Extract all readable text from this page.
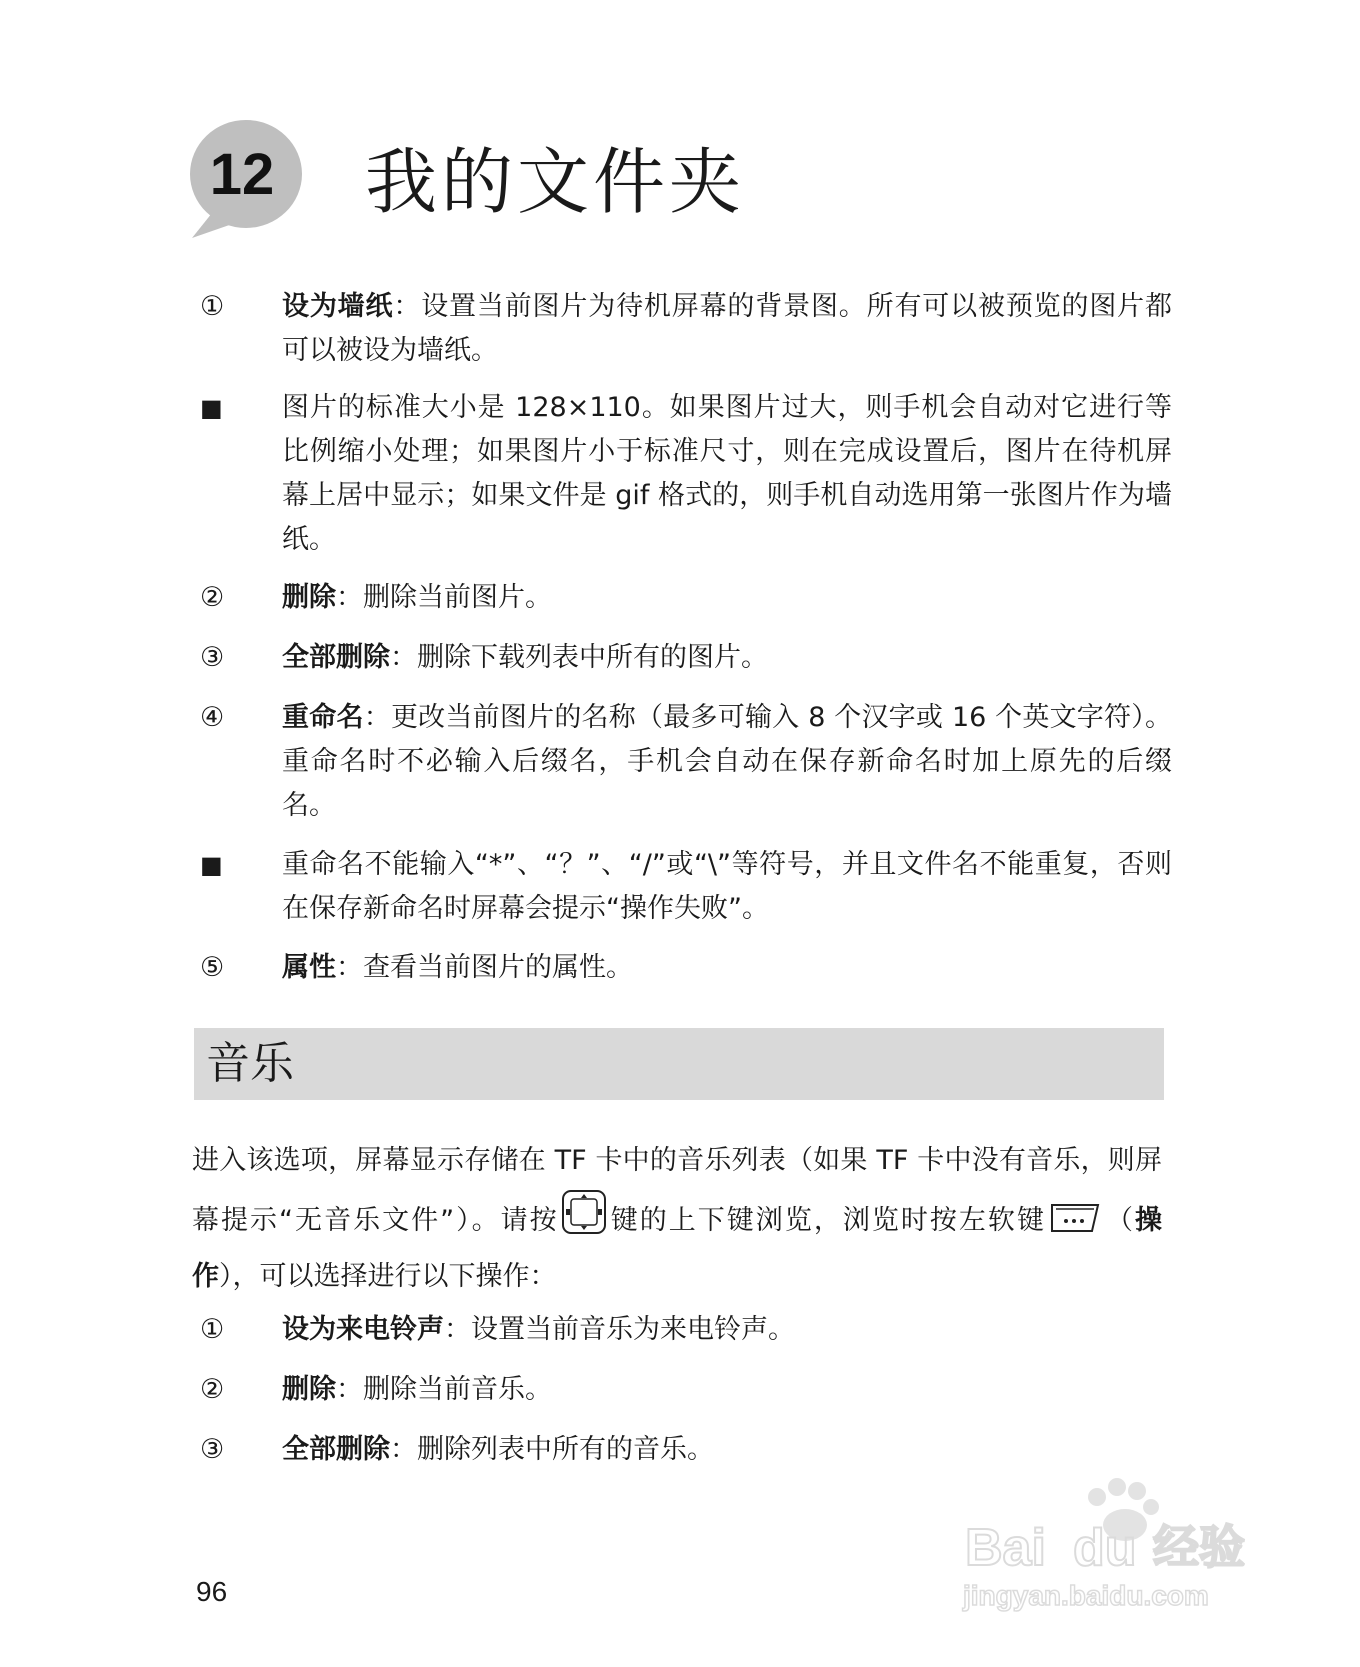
12 我的文件夹
①	设为墙纸：设置当前图片为待机屏幕的背景图。所有可以被预览的图片都可以被设为墙纸。
■	图片的标准大小是 128×110。如果图片过大，则手机会自动对它进行等比例缩小处理；如果图片小于标准尺寸，则在完成设置后，图片在待机屏幕上居中显示；如果文件是 gif 格式的，则手机自动选用第一张图片作为墙纸。
②	删除：删除当前图片。
③	全部删除：删除下载列表中所有的图片。
④	重命名：更改当前图片的名称（最多可输入 8 个汉字或 16 个英文字符）。重命名时不必输入后缀名，手机会自动在保存新命名时加上原先的后缀名。
■	重命名不能输入“*”、“？”、“/”或“\”等符号，并且文件名不能重复，否则在保存新命名时屏幕会提示“操作失败”。
⑤	属性：查看当前图片的属性。
音乐

进入该选项，屏幕显示存储在 TF 卡中的音乐列表（如果 TF 卡中没有音乐，则屏幕提示“无音乐文件”）。请按 键的上下键浏览，浏览时按左软键 （操作），可以选择进行以下操作：

①	设为来电铃声：设置当前音乐为来电铃声。
②	删除：删除当前音乐。
③	全部删除：删除列表中所有的音乐。
96
Bai du 经验
jingyan.baidu.com
